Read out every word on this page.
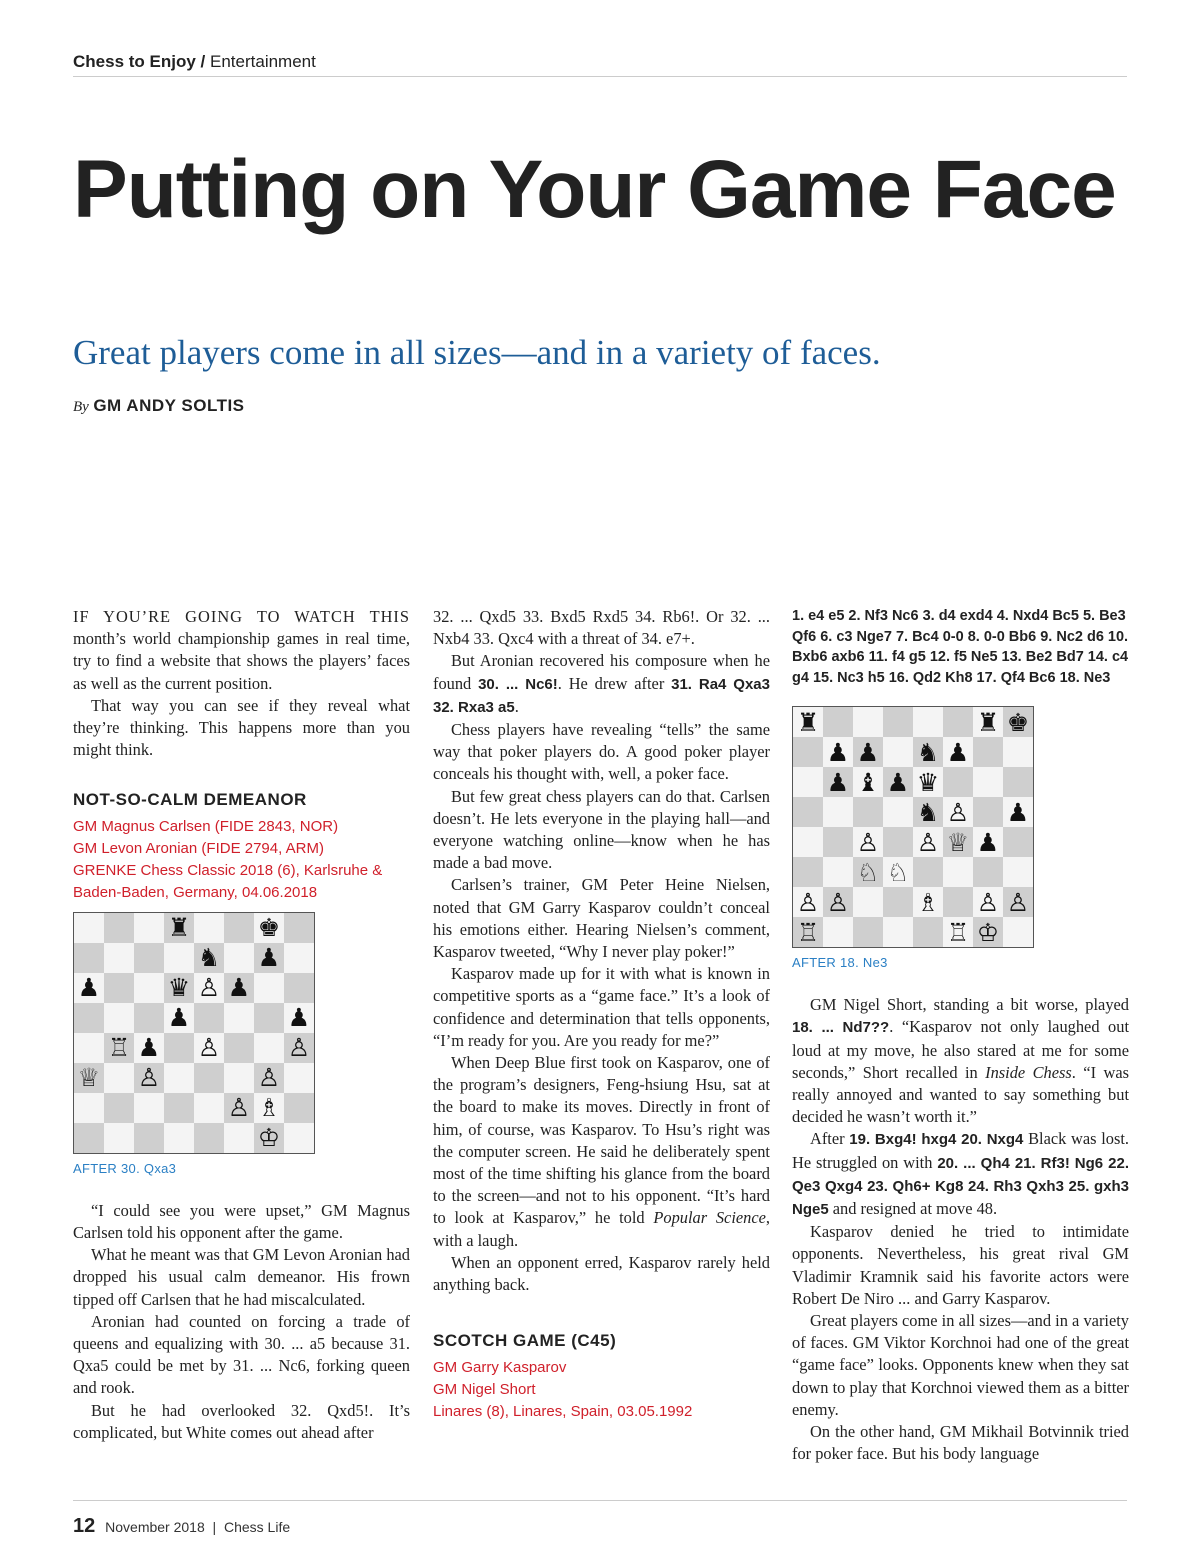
Chess to Enjoy / Entertainment
Putting on Your Game Face
Great players come in all sizes—and in a variety of faces.
By GM ANDY SOLTIS

IF YOU’RE GOING TO WATCH THIS month’s world championship games in real time, try to find a website that shows the players’ faces as well as the current position.

That way you can see if they reveal what they’re thinking. This happens more than you might think.

NOT-SO-CALM DEMEANOR
GM Magnus Carlsen (FIDE 2843, NOR)
GM Levon Aronian (FIDE 2794, ARM)
GRENKE Chess Classic 2018 (6), Karlsruhe & Baden-Baden, Germany, 04.06.2018
♜	♚
♞ ♟
♟	♛ ♙ ♟
♟	♟
♖ ♟ ♙	♙
♕ ♙	♙
♙ ♗
♔
AFTER 30. Qxa3

“I could see you were upset,” GM Magnus Carlsen told his opponent after the game.

What he meant was that GM Levon Aronian had dropped his usual calm demeanor. His frown tipped off Carlsen that he had miscalculated.

Aronian had counted on forcing a trade of queens and equalizing with 30. ... a5 because 31. Qxa5 could be met by 31. ... Nc6, forking queen and rook.

But he had overlooked 32. Qxd5!. It’s complicated, but White comes out ahead after

32. ... Qxd5 33. Bxd5 Rxd5 34. Rb6!. Or 32. ... Nxb4 33. Qxc4 with a threat of 34. e7+.

But Aronian recovered his composure when he found 30. ... Nc6!. He drew after 31. Ra4 Qxa3 32. Rxa3 a5.

Chess players have revealing “tells” the same way that poker players do. A good poker player conceals his thought with, well, a poker face.

But few great chess players can do that. Carlsen doesn’t. He lets everyone in the playing hall—and everyone watching online—know when he has made a bad move.

Carlsen’s trainer, GM Peter Heine Nielsen, noted that GM Garry Kasparov couldn’t conceal his emotions either. Hearing Nielsen’s comment, Kasparov tweeted, “Why I never play poker!”

Kasparov made up for it with what is known in competitive sports as a “game face.” It’s a look of confidence and determination that tells opponents, “I’m ready for you. Are you ready for me?”

When Deep Blue first took on Kasparov, one of the program’s designers, Feng-hsiung Hsu, sat at the board to make its moves. Directly in front of him, of course, was Kasparov. To Hsu’s right was the computer screen. He said he deliberately spent most of the time shifting his glance from the board to the screen—and not to his opponent. “It’s hard to look at Kasparov,” he told Popular Science, with a laugh.

When an opponent erred, Kasparov rarely held anything back.

SCOTCH GAME (C45)
GM Garry Kasparov
GM Nigel Short
Linares (8), Linares, Spain, 03.05.1992
1. e4 e5 2. Nf3 Nc6 3. d4 exd4 4. Nxd4 Bc5 5. Be3 Qf6 6. c3 Nge7 7. Bc4 0-0 8. 0-0 Bb6 9. Nc2 d6 10. Bxb6 axb6 11. f4 g5 12. f5 Ne5 13. Be2 Bd7 14. c4 g4 15. Nc3 h5 16. Qd2 Kh8 17. Qf4 Bc6 18. Ne3
♜	♜ ♚
♟ ♟ ♞ ♟
♟ ♝ ♟ ♛
♞ ♙ ♟
♙ ♙ ♕ ♟
♘ ♘
♙ ♙	♗ ♙ ♙
♖	♖ ♔
AFTER 18. Ne3

GM Nigel Short, standing a bit worse, played 18. ... Nd7??. “Kasparov not only laughed out loud at my move, he also stared at me for some seconds,” Short recalled in Inside Chess. “I was really annoyed and wanted to say something but decided he wasn’t worth it.”

After 19. Bxg4! hxg4 20. Nxg4 Black was lost. He struggled on with 20. ... Qh4 21. Rf3! Ng6 22. Qe3 Qxg4 23. Qh6+ Kg8 24. Rh3 Qxh3 25. gxh3 Nge5 and resigned at move 48.

Kasparov denied he tried to intimidate opponents. Nevertheless, his great rival GM Vladimir Kramnik said his favorite actors were Robert De Niro ... and Garry Kasparov.

Great players come in all sizes—and in a variety of faces. GM Viktor Korchnoi had one of the great “game face” looks. Opponents knew when they sat down to play that Korchnoi viewed them as a bitter enemy.

On the other hand, GM Mikhail Botvinnik tried for poker face. But his body language

12 November 2018 | Chess Life
